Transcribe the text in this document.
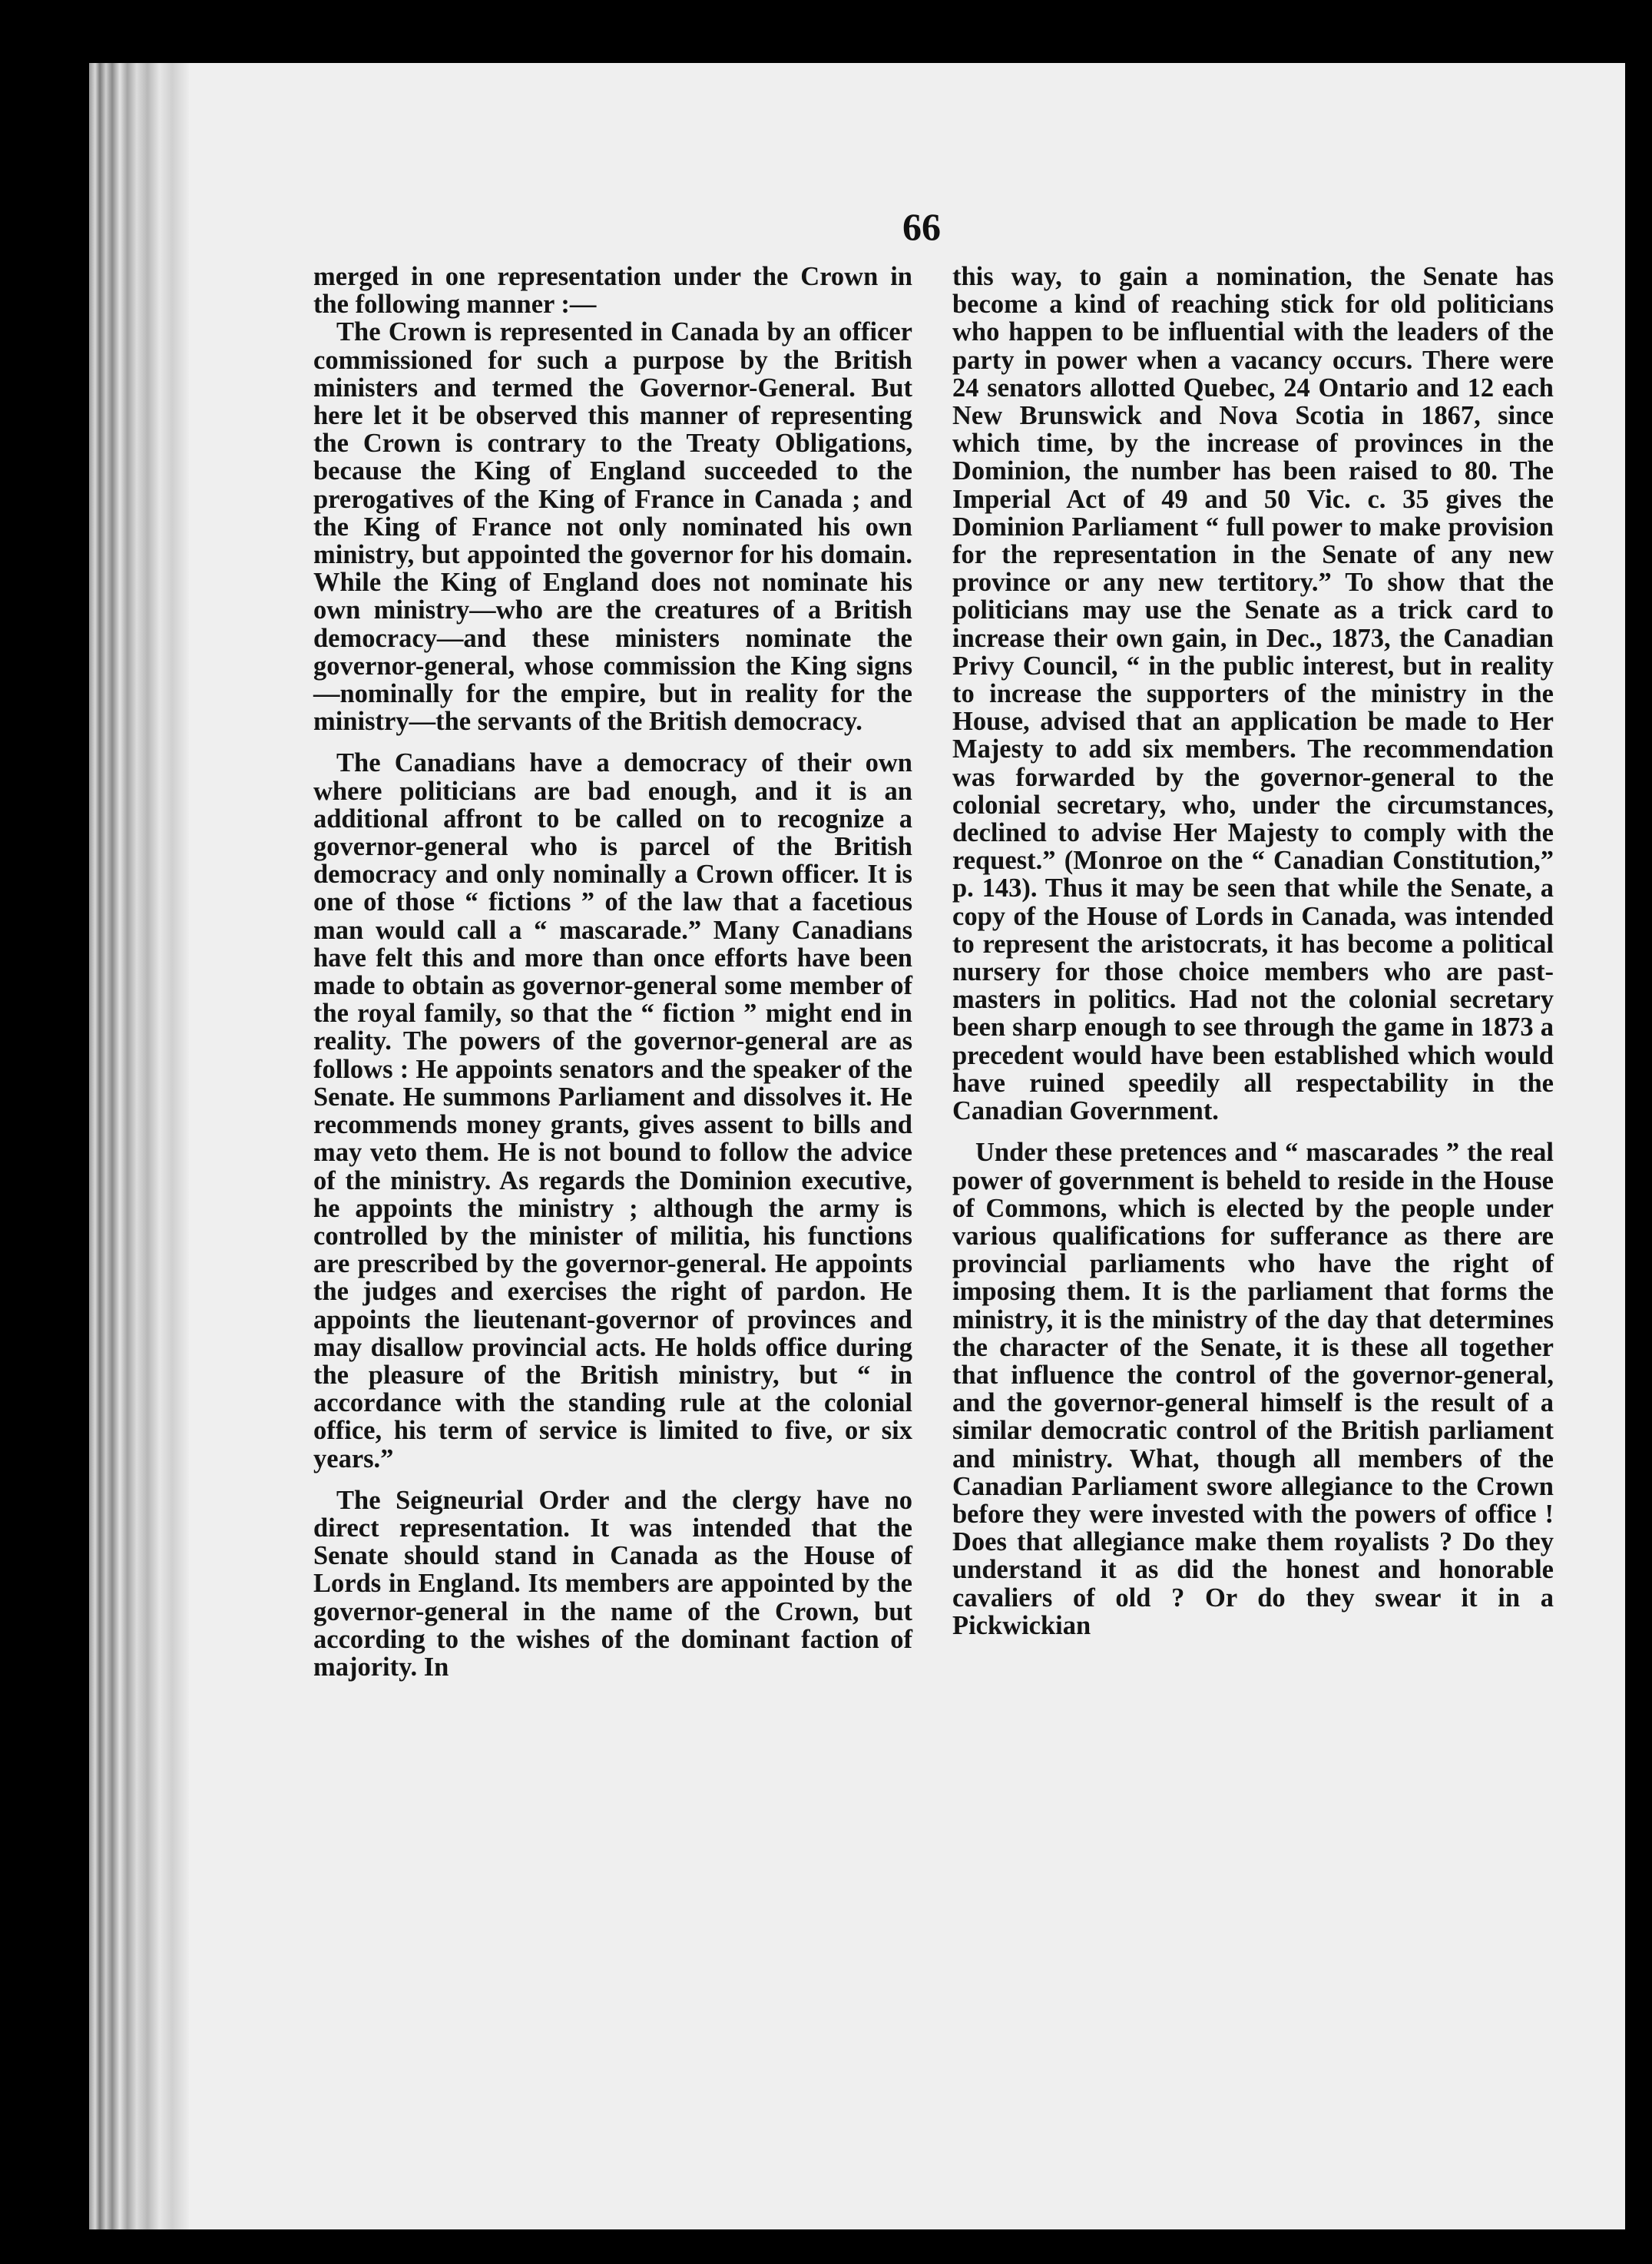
66

merged in one representation under the Crown in the following manner :—

The Crown is represented in Canada by an officer commissioned for such a purpose by the British ministers and termed the Governor-General. But here let it be observed this manner of representing the Crown is contrary to the Treaty Obligations, because the King of England succeeded to the prerogatives of the King of France in Canada ; and the King of France not only nominated his own ministry, but appointed the governor for his domain. While the King of England does not nominate his own ministry—who are the creatures of a British democracy—and these ministers nominate the governor-general, whose commission the King signs—nominally for the empire, but in reality for the ministry—the servants of the British democracy.

The Canadians have a democracy of their own where politicians are bad enough, and it is an additional affront to be called on to recognize a governor-general who is parcel of the British democracy and only nominally a Crown officer. It is one of those “ fictions ” of the law that a facetious man would call a “ mascarade.” Many Canadians have felt this and more than once efforts have been made to obtain as governor-general some member of the royal family, so that the “ fiction ” might end in reality. The powers of the governor-general are as follows : He appoints senators and the speaker of the Senate. He summons Parliament and dissolves it. He recommends money grants, gives assent to bills and may veto them. He is not bound to follow the advice of the ministry. As regards the Dominion executive, he appoints the ministry ; although the army is controlled by the minister of militia, his functions are prescribed by the governor-general. He appoints the judges and exercises the right of pardon. He appoints the lieutenant-governor of provinces and may disallow provincial acts. He holds office during the pleasure of the British ministry, but “ in accordance with the standing rule at the colonial office, his term of service is limited to five, or six years.”

The Seigneurial Order and the clergy have no direct representation. It was intended that the Senate should stand in Canada as the House of Lords in England. Its members are appointed by the governor-general in the name of the Crown, but according to the wishes of the dominant faction of majority. In

this way, to gain a nomination, the Senate has become a kind of reaching stick for old politicians who happen to be influential with the leaders of the party in power when a vacancy occurs. There were 24 senators allotted Quebec, 24 Ontario and 12 each New Brunswick and Nova Scotia in 1867, since which time, by the increase of provinces in the Dominion, the number has been raised to 80. The Imperial Act of 49 and 50 Vic. c. 35 gives the Dominion Parliament “ full power to make provision for the representation in the Senate of any new province or any new tertitory.” To show that the politicians may use the Senate as a trick card to increase their own gain, in Dec., 1873, the Canadian Privy Council, “ in the public interest, but in reality to increase the supporters of the ministry in the House, advised that an application be made to Her Majesty to add six members. The recommendation was forwarded by the governor-general to the colonial secretary, who, under the circumstances, declined to advise Her Majesty to comply with the request.” (Monroe on the “ Canadian Constitution,” p. 143). Thus it may be seen that while the Senate, a copy of the House of Lords in Canada, was intended to represent the aristocrats, it has become a political nursery for those choice members who are past-masters in politics. Had not the colonial secretary been sharp enough to see through the game in 1873 a precedent would have been established which would have ruined speedily all respectability in the Canadian Government.

Under these pretences and “ mascarades ” the real power of government is beheld to reside in the House of Commons, which is elected by the people under various qualifications for sufferance as there are provincial parliaments who have the right of imposing them. It is the parliament that forms the ministry, it is the ministry of the day that determines the character of the Senate, it is these all together that influence the control of the governor-general, and the governor-general himself is the result of a similar democratic control of the British parliament and ministry. What, though all members of the Canadian Parliament swore allegiance to the Crown before they were invested with the powers of office ! Does that allegiance make them royalists ? Do they understand it as did the honest and honorable cavaliers of old ? Or do they swear it in a Pickwickian
